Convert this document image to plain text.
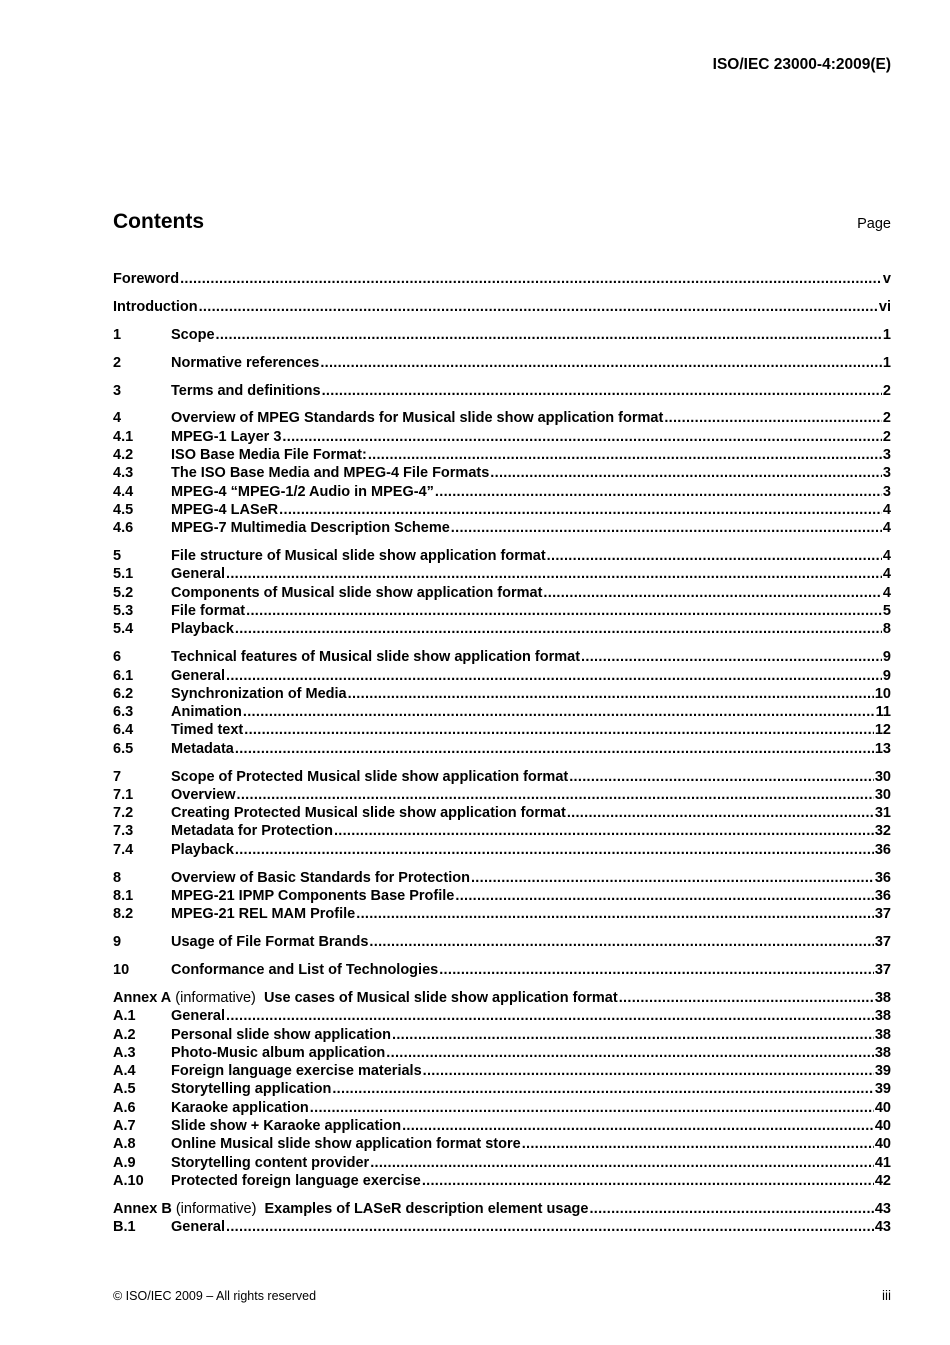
ISO/IEC 23000-4:2009(E)
Contents	Page
Foreword .....	v
Introduction .....	vi
1	Scope .....	1
2	Normative references .....	1
3	Terms and definitions .....	2
4	Overview of MPEG Standards for Musical slide show application format .....	2
4.1	MPEG-1 Layer 3 .....	2
4.2	ISO Base Media File Format: .....	3
4.3	The ISO Base Media and MPEG-4 File Formats .....	3
4.4	MPEG-4 “MPEG-1/2 Audio in MPEG-4” .....	3
4.5	MPEG-4 LASeR .....	4
4.6	MPEG-7 Multimedia Description Scheme .....	4
5	File structure of Musical slide show application format .....	4
5.1	General .....	4
5.2	Components of Musical slide show application format .....	4
5.3	File format .....	5
5.4	Playback .....	8
6	Technical features of Musical slide show application format .....	9
6.1	General .....	9
6.2	Synchronization of Media .....	10
6.3	Animation .....	11
6.4	Timed text .....	12
6.5	Metadata .....	13
7	Scope of Protected Musical slide show application format .....	30
7.1	Overview .....	30
7.2	Creating Protected Musical slide show application format .....	31
7.3	Metadata for Protection .....	32
7.4	Playback .....	36
8	Overview of Basic Standards for Protection .....	36
8.1	MPEG-21 IPMP Components Base Profile .....	36
8.2	MPEG-21 REL MAM Profile .....	37
9	Usage of File Format Brands .....	37
10	Conformance and List of Technologies .....	37
Annex A (informative)  Use cases of Musical slide show application format .....	38
A.1	General .....	38
A.2	Personal slide show application .....	38
A.3	Photo-Music album application .....	38
A.4	Foreign language exercise materials .....	39
A.5	Storytelling application .....	39
A.6	Karaoke application .....	40
A.7	Slide show + Karaoke application .....	40
A.8	Online Musical slide show application format store .....	40
A.9	Storytelling content provider .....	41
A.10	Protected foreign language exercise .....	42
Annex B (informative)  Examples of LASeR description element usage .....	43
B.1	General .....	43
© ISO/IEC 2009 – All rights reserved	iii
